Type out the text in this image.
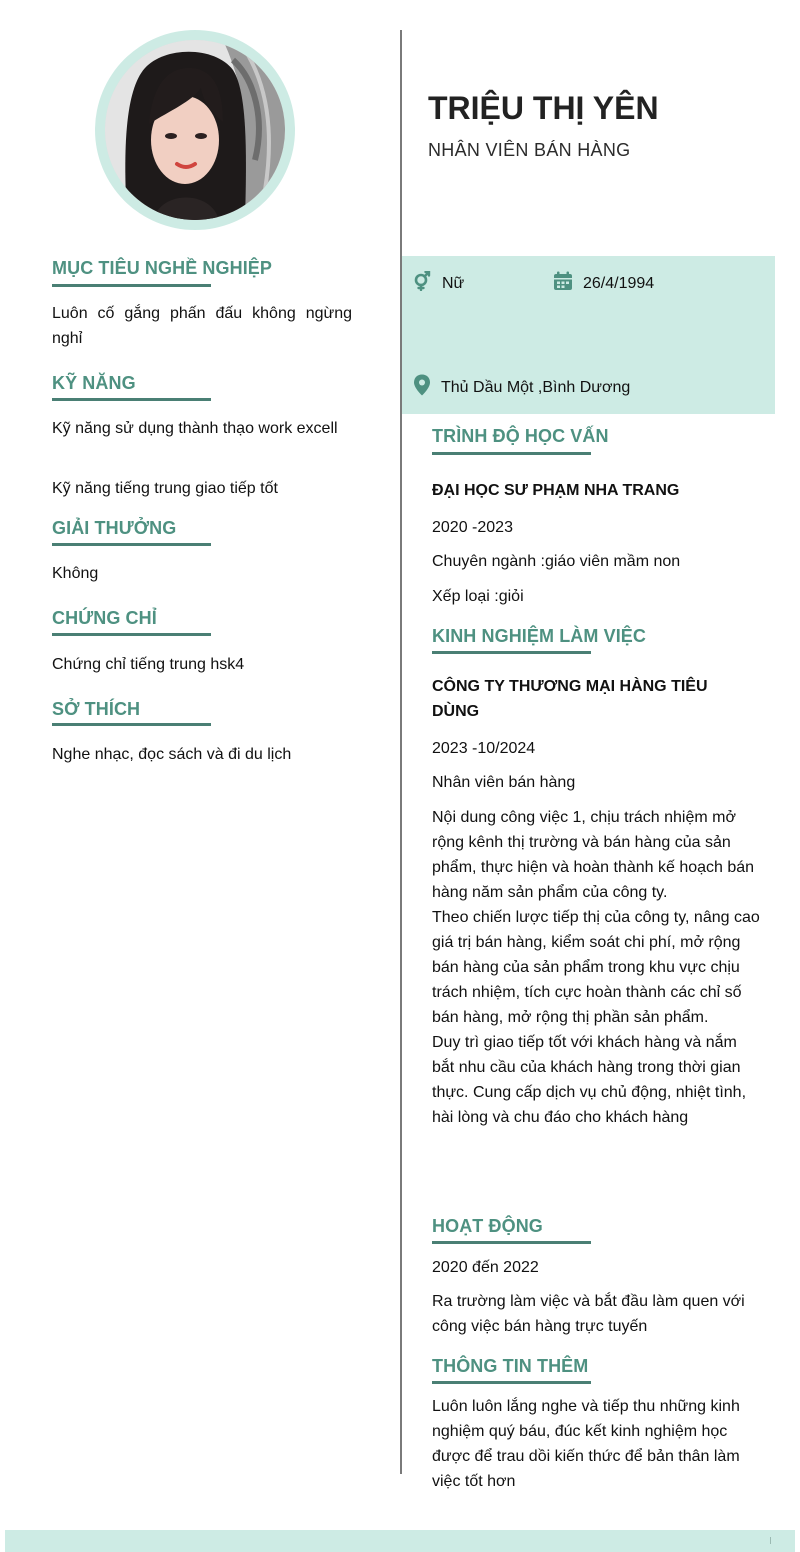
MỤC TIÊU NGHỀ NGHIỆP
Luôn cố gắng phấn đấu không ngừng nghỉ
KỸ NĂNG
Kỹ năng sử dụng thành thạo work excell
Kỹ năng tiếng trung giao tiếp tốt
GIẢI THƯỞNG
Không
CHỨNG CHỈ
Chứng chỉ tiếng trung hsk4
SỞ THÍCH
Nghe nhạc, đọc sách và đi du lịch
TRIỆU THỊ YÊN
NHÂN VIÊN BÁN HÀNG
Nữ	26/4/1994
Thủ Dầu Một ,Bình Dương
TRÌNH ĐỘ HỌC VẤN
ĐẠI HỌC SƯ PHẠM NHA TRANG
2020 -2023
Chuyên ngành :giáo viên mầm non
Xếp loại :giỏi
KINH NGHIỆM LÀM VIỆC
CÔNG TY THƯƠNG MẠI HÀNG TIÊU DÙNG
2023 -10/2024
Nhân viên bán hàng
Nội dung công việc 1, chịu trách nhiệm mở rộng kênh thị trường và bán hàng của sản phẩm, thực hiện và hoàn thành kế hoạch bán hàng năm sản phẩm của công ty.
Theo chiến lược tiếp thị của công ty, nâng cao giá trị bán hàng, kiểm soát chi phí, mở rộng bán hàng của sản phẩm trong khu vực chịu trách nhiệm, tích cực hoàn thành các chỉ số bán hàng, mở rộng thị phần sản phẩm.
Duy trì giao tiếp tốt với khách hàng và nắm bắt nhu cầu của khách hàng trong thời gian thực. Cung cấp dịch vụ chủ động, nhiệt tình, hài lòng và chu đáo cho khách hàng
HOẠT ĐỘNG
2020 đến 2022
Ra trường làm việc và bắt đầu làm quen với công việc bán hàng trực tuyến
THÔNG TIN THÊM
Luôn luôn lắng nghe và tiếp thu những kinh nghiệm quý báu, đúc kết kinh nghiệm học được để trau dồi kiến thức để bản thân làm việc tốt hơn
